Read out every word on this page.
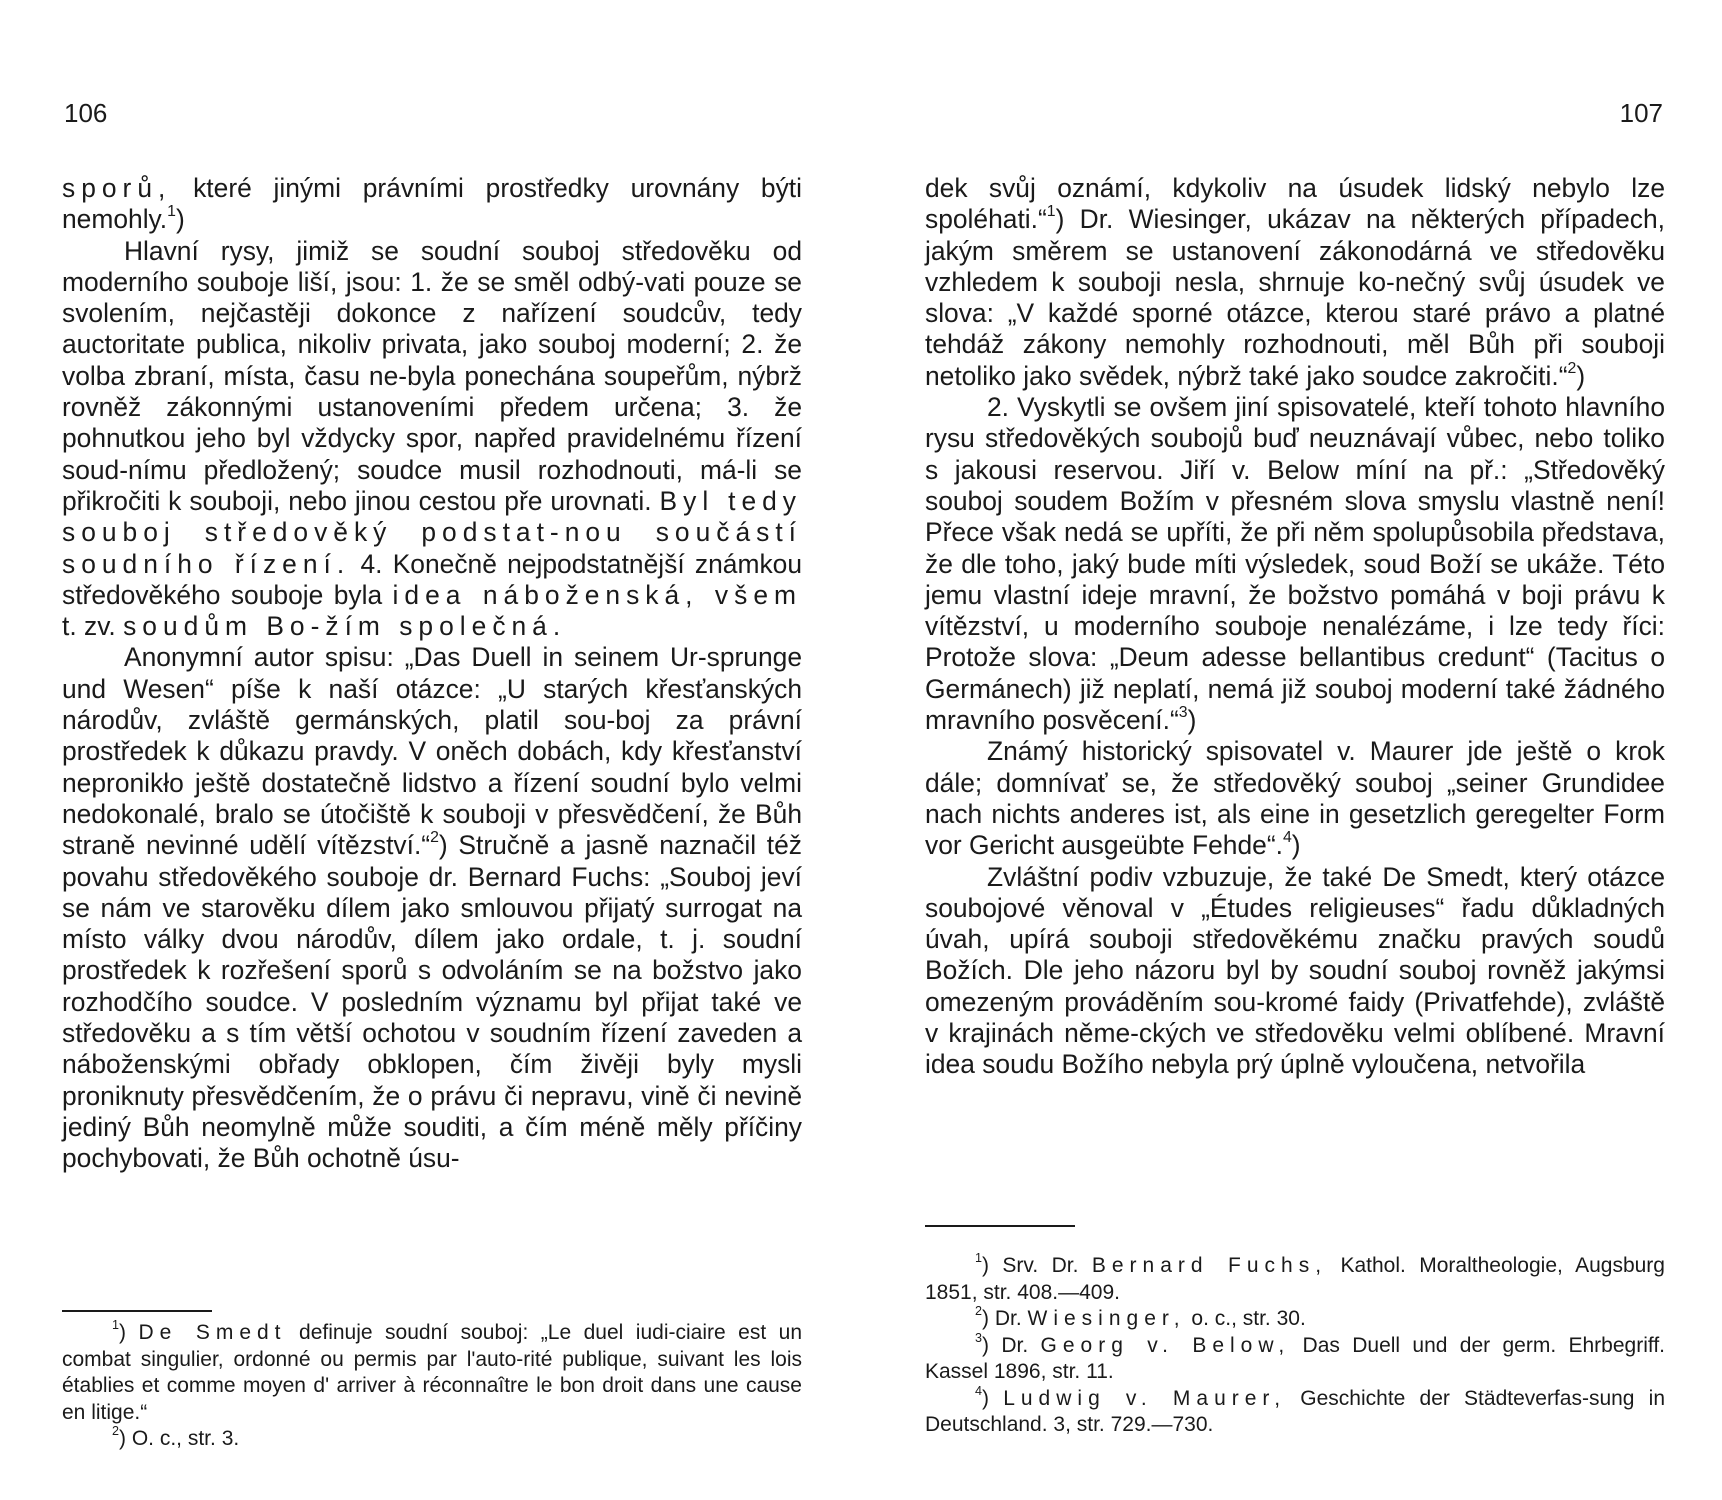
106

sporů, které jinými právními prostředky urovnány býti nemohly.$^1$)

Hlavní rysy, jimiž se soudní souboj středověku od moderního souboje liší, jsou: 1. že se směl odbý-vati pouze se svolením, nejčastěji dokonce z nařízení soudcův, tedy auctoritate publica, nikoliv privata, jako souboj moderní; 2. že volba zbraní, místa, času ne-byla ponechána soupeřům, nýbrž rovněž zákonnými ustanoveními předem určena; 3. že pohnutkou jeho byl vždycky spor, napřed pravidelnému řízení soud-nímu předložený; soudce musil rozhodnouti, má-li se přikročiti k souboji, nebo jinou cestou pře urovnati. Byl tedy souboj středověký podstat-nou součástí soudního řízení. 4. Konečně nejpodstatnější známkou středověkého souboje byla idea náboženská, všem t. zv. soudům Bo-žím společná.

Anonymní autor spisu: „Das Duell in seinem Ur-sprunge und Wesen“ píše k naší otázce: „U starých křesťanských národův, zvláště germánských, platil sou-boj za právní prostředek k důkazu pravdy. V oněch dobách, kdy křesťanství nepronikło ještě dostatečně lidstvo a řízení soudní bylo velmi nedokonalé, bralo se útočiště k souboji v přesvědčení, že Bůh straně nevinné udělí vítězství.“$^2$) Stručně a jasně naznačil též povahu středověkého souboje dr. Bernard Fuchs: „Souboj jeví se nám ve starověku dílem jako smlouvou přijatý surrogat na místo války dvou národův, dílem jako ordale, t. j. soudní prostředek k rozřešení sporů s odvoláním se na božstvo jako rozhodčího soudce. V posledním významu byl přijat také ve středověku a s tím větší ochotou v soudním řízení zaveden a náboženskými obřady obklopen, čím živěji byly mysli proniknuty přesvědčením, že o právu či nepravu, vině či nevině jediný Bůh neomylně může souditi, a čím méně měly příčiny pochybovati, že Bůh ochotně úsu-

$^1$) De Smedt definuje soudní souboj: „Le duel iudi-ciaire est un combat singulier, ordonné ou permis par l'auto-rité publique, suivant les lois établies et comme moyen d' arriver à réconnaître le bon droit dans une cause en litige.“

$^2$) O. c., str. 3.

107

dek svůj oznámí, kdykoliv na úsudek lidský nebylo lze spoléhati.“$^1$) Dr. Wiesinger, ukázav na některých případech, jakým směrem se ustanovení zákonodárná ve středověku vzhledem k souboji nesla, shrnuje ko-nečný svůj úsudek ve slova: „V každé sporné otázce, kterou staré právo a platné tehdáž zákony nemohly rozhodnouti, měl Bůh při souboji netoliko jako svědek, nýbrž také jako soudce zakročiti.“$^2$)

2. Vyskytli se ovšem jiní spisovatelé, kteří tohoto hlavního rysu středověkých soubojů buď neuznávají vůbec, nebo toliko s jakousi reservou. Jiří v. Below míní na př.: „Středověký souboj soudem Božím v přesném slova smyslu vlastně není! Přece však nedá se upříti, že při něm spolupůsobila představa, že dle toho, jaký bude míti výsledek, soud Boží se ukáže. Této jemu vlastní ideje mravní, že božstvo pomáhá v boji právu k vítězství, u moderního souboje nenalézáme, i lze tedy říci: Protože slova: „Deum adesse bellantibus credunt“ (Tacitus o Germánech) již neplatí, nemá již souboj moderní také žádného mravního posvěcení.“$^3$)

Známý historický spisovatel v. Maurer jde ještě o krok dále; domnívať se, že středověký souboj „seiner Grundidee nach nichts anderes ist, als eine in gesetzlich geregelter Form vor Gericht ausgeübte Fehde“.$^4$)

Zvláštní podiv vzbuzuje, že také De Smedt, který otázce soubojové věnoval v „Études religieuses“ řadu důkladných úvah, upírá souboji středověkému značku pravých soudů Božích. Dle jeho názoru byl by soudní souboj rovněž jakýmsi omezeným prováděním sou-kromé faidy (Privatfehde), zvláště v krajinách něme-ckých ve středověku velmi oblíbené. Mravní idea soudu Božího nebyla prý úplně vyloučena, netvořila

$^1$) Srv. Dr. Bernard Fuchs, Kathol. Moraltheologie, Augsburg 1851, str. 408.—409.

$^2$) Dr. Wiesinger, o. c., str. 30.

$^3$) Dr. Georg v. Below, Das Duell und der germ. Ehrbegriff. Kassel 1896, str. 11.

$^4$) Ludwig v. Maurer, Geschichte der Städteverfas-sung in Deutschland. 3, str. 729.—730.
